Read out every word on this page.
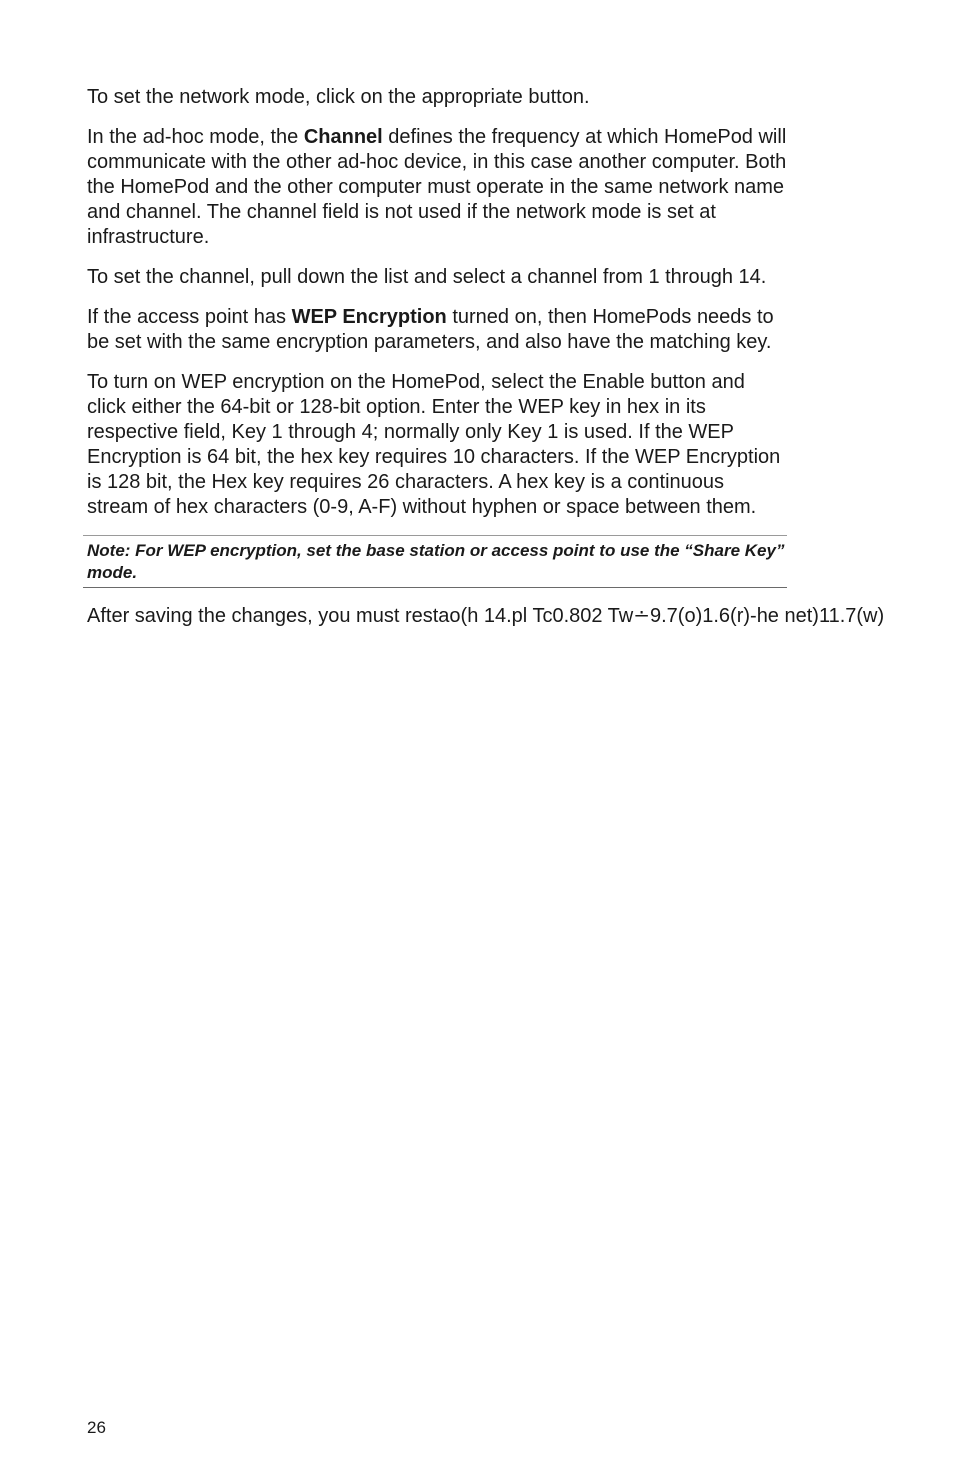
To set the network mode, click on the appropriate button.

In the ad-hoc mode, the Channel defines the frequency at which HomePod will communicate with the other ad-hoc device, in this case another computer. Both the HomePod and the other computer must operate in the same network name and channel. The channel field is not used if the network mode is set at infrastructure.

To set the channel, pull down the list and select a channel from 1 through 14.

If the access point has WEP Encryption turned on, then HomePods needs to be set with the same encryption parameters, and also have the matching key.

To turn on WEP encryption on the HomePod, select the Enable button and click either the 64-bit or 128-bit option. Enter the WEP key in hex in its respective field, Key 1 through 4; normally only Key 1 is used. If the WEP Encryption is 64 bit, the hex key requires 10 characters. If the WEP Encryption is 128 bit, the Hex key requires 26 characters. A hex key is a continuous stream of hex characters (0-9, A-F) without hyphen or space between them.

Note: For WEP encryption, set the base station or access point to use the “Share Key” mode.

After saving the changes, you must restao(h 14.pl Tc0.802 Tw∸9.7(o)1.6(r)-he net)11.7(w)

26
